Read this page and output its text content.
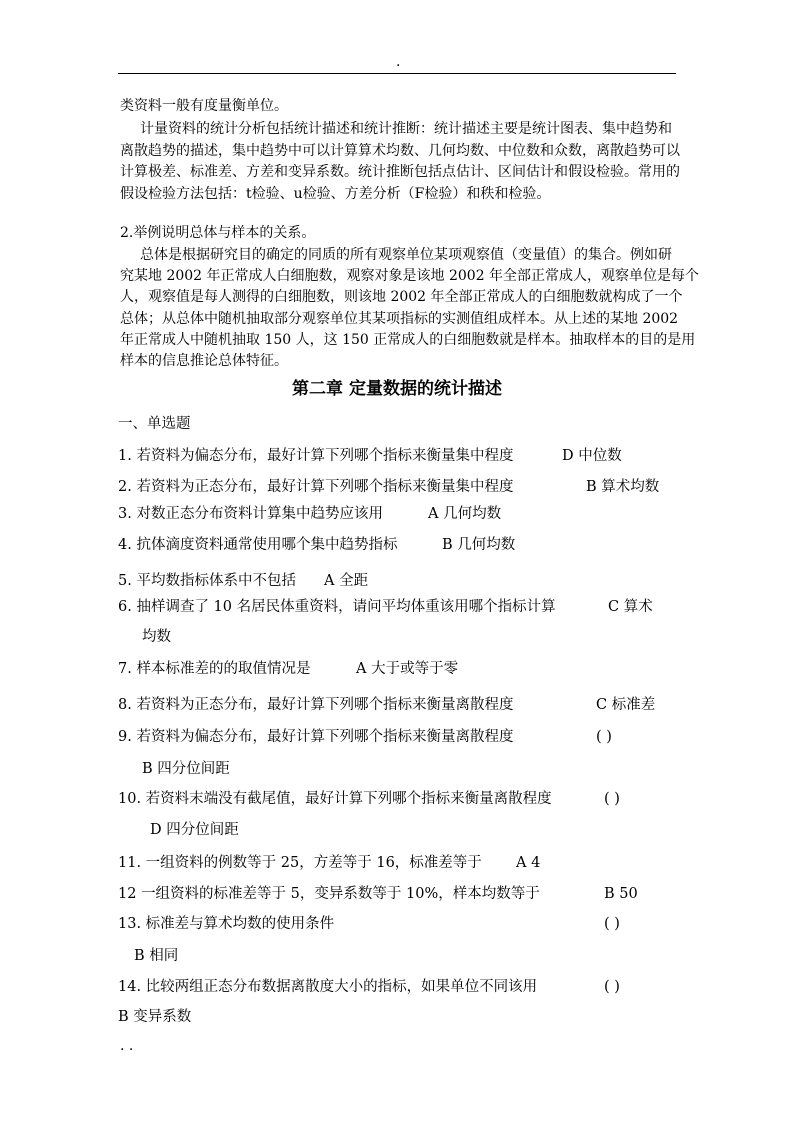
.
类资料一般有度量衡单位。
计量资料的统计分析包括统计描述和统计推断：统计描述主要是统计图表、集中趋势和
离散趋势的描述，集中趋势中可以计算算术均数、几何均数、中位数和众数，离散趋势可以
计算极差、标准差、方差和变异系数。统计推断包括点估计、区间估计和假设检验。常用的
假设检验方法包括：t检验、u检验、方差分析（F检验）和秩和检验。
2.举例说明总体与样本的关系。
总体是根据研究目的确定的同质的所有观察单位某项观察值（变量值）的集合。例如研
究某地 2002 年正常成人白细胞数，观察对象是该地 2002 年全部正常成人，观察单位是每个
人，观察值是每人测得的白细胞数，则该地 2002 年全部正常成人的白细胞数就构成了一个
总体；从总体中随机抽取部分观察单位其某项指标的实测值组成样本。从上述的某地 2002
年正常成人中随机抽取 150 人，这 150 正常成人的白细胞数就是样本。抽取样本的目的是用
样本的信息推论总体特征。
第二章 定量数据的统计描述
一、单选题
1. 若资料为偏态分布，最好计算下列哪个指标来衡量集中程度	D 中位数
2. 若资料为正态分布，最好计算下列哪个指标来衡量集中程度	B 算术均数
3. 对数正态分布资料计算集中趋势应该用	A 几何均数
4. 抗体滴度资料通常使用哪个集中趋势指标	B 几何均数
5. 平均数指标体系中不包括 A 全距
6. 抽样调查了 10 名居民体重资料，请问平均体重该用哪个指标计算	C 算术
均数
7. 样本标准差的的取值情况是	A 大于或等于零
8. 若资料为正态分布，最好计算下列哪个指标来衡量离散程度	C 标准差
9. 若资料为偏态分布，最好计算下列哪个指标来衡量离散程度	( )
B 四分位间距
10. 若资料末端没有截尾值，最好计算下列哪个指标来衡量离散程度	( )
D 四分位间距
11. 一组资料的例数等于 25，方差等于 16，标准差等于 A 4
12 一组资料的标准差等于 5，变异系数等于 10%，样本均数等于	B 50
13. 标准差与算术均数的使用条件	( )
B 相同
14. 比较两组正态分布数据离散度大小的指标，如果单位不同该用	( )
B 变异系数
. .
